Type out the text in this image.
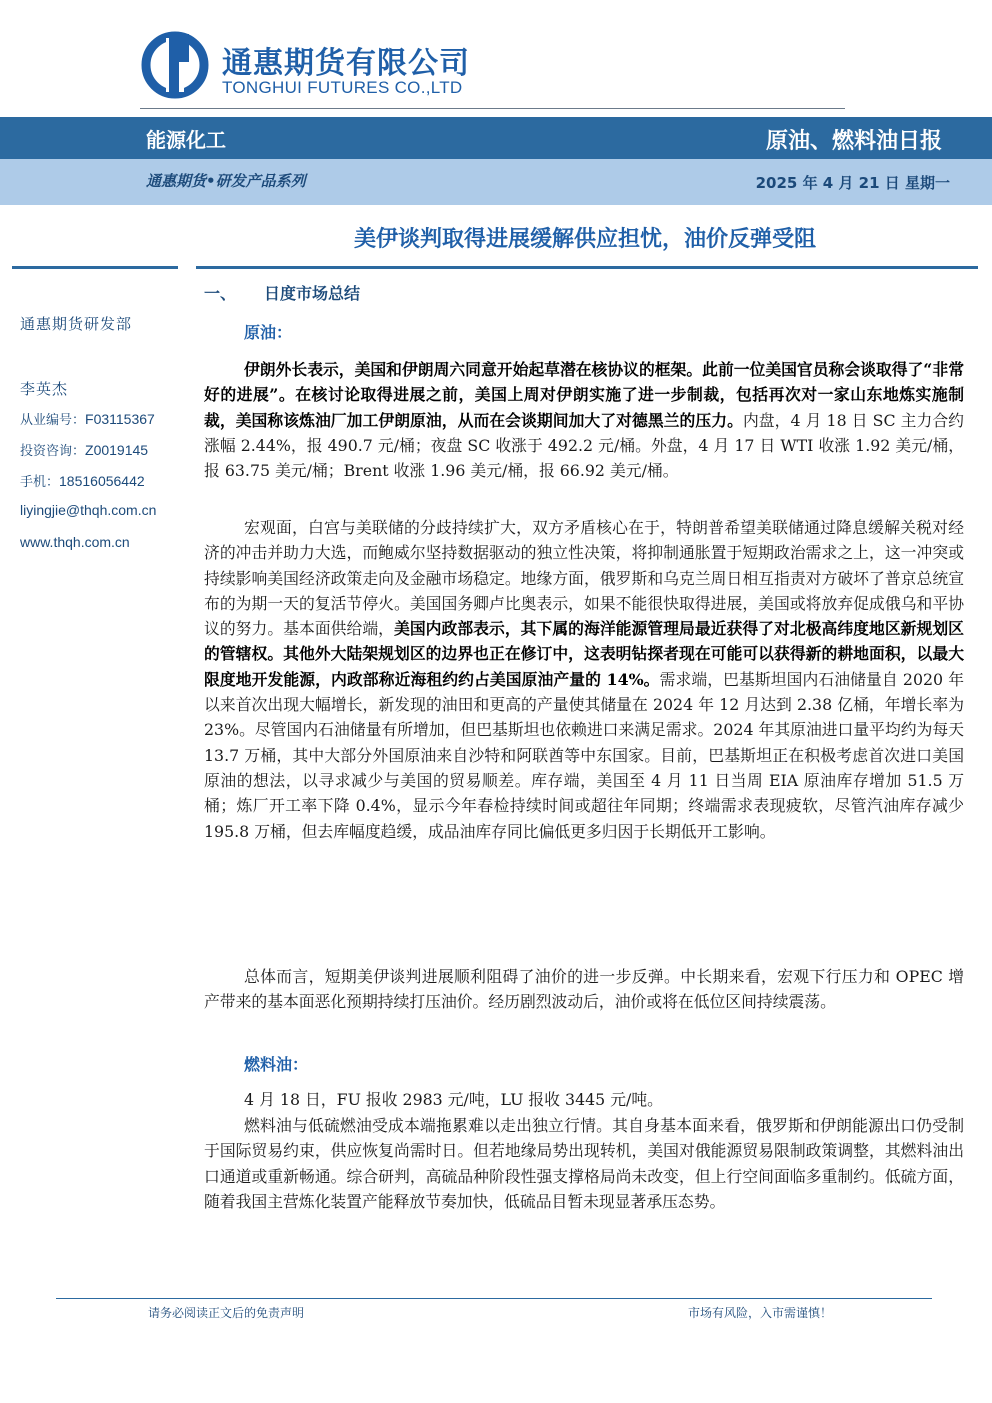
通惠期货有限公司
TONGHUI FUTURES CO.,LTD
能源化工	原油、燃料油日报
通惠期货•研发产品系列	2025 年 4 月 21 日 星期一
美伊谈判取得进展缓解供应担忧，油价反弹受阻
通惠期货研发部
李英杰
从业编号：F03115367
投资咨询：Z0019145
手机：18516056442
liyingjie@thqh.com.cn
www.thqh.com.cn
一、 日度市场总结
原油：
伊朗外长表示，美国和伊朗周六同意开始起草潜在核协议的框架。此前一位美国官员称会谈取得了“非常好的进展”。在核讨论取得进展之前，美国上周对伊朗实施了进一步制裁，包括再次对一家山东地炼实施制裁，美国称该炼油厂加工伊朗原油，从而在会谈期间加大了对德黑兰的压力。内盘，4 月 18 日 SC 主力合约涨幅 2.44%，报 490.7 元/桶；夜盘 SC 收涨于 492.2 元/桶。外盘，4 月 17 日 WTI 收涨 1.92 美元/桶，报 63.75 美元/桶；Brent 收涨 1.96 美元/桶，报 66.92 美元/桶。
宏观面，白宫与美联储的分歧持续扩大，双方矛盾核心在于，特朗普希望美联储通过降息缓解关税对经济的冲击并助力大选，而鲍威尔坚持数据驱动的独立性决策，将抑制通胀置于短期政治需求之上，这一冲突或持续影响美国经济政策走向及金融市场稳定。地缘方面，俄罗斯和乌克兰周日相互指责对方破坏了普京总统宣布的为期一天的复活节停火。美国国务卿卢比奥表示，如果不能很快取得进展，美国或将放弃促成俄乌和平协议的努力。基本面供给端，美国内政部表示，其下属的海洋能源管理局最近获得了对北极高纬度地区新规划区的管辖权。其他外大陆架规划区的边界也正在修订中，这表明钻探者现在可能可以获得新的耕地面积，以最大限度地开发能源，内政部称近海租约约占美国原油产量的 14%。需求端，巴基斯坦国内石油储量自 2020 年以来首次出现大幅增长，新发现的油田和更高的产量使其储量在 2024 年 12 月达到 2.38 亿桶，年增长率为 23%。尽管国内石油储量有所增加，但巴基斯坦也依赖进口来满足需求。2024 年其原油进口量平均约为每天 13.7 万桶，其中大部分外国原油来自沙特和阿联酋等中东国家。目前，巴基斯坦正在积极考虑首次进口美国原油的想法，以寻求减少与美国的贸易顺差。库存端，美国至 4 月 11 日当周 EIA 原油库存增加 51.5 万桶；炼厂开工率下降 0.4%，显示今年春检持续时间或超往年同期；终端需求表现疲软，尽管汽油库存减少 195.8 万桶，但去库幅度趋缓，成品油库存同比偏低更多归因于长期低开工影响。
总体而言，短期美伊谈判进展顺利阻碍了油价的进一步反弹。中长期来看，宏观下行压力和 OPEC 增产带来的基本面恶化预期持续打压油价。经历剧烈波动后，油价或将在低位区间持续震荡。
燃料油：
4 月 18 日，FU 报收 2983 元/吨，LU 报收 3445 元/吨。
燃料油与低硫燃油受成本端拖累难以走出独立行情。其自身基本面来看，俄罗斯和伊朗能源出口仍受制于国际贸易约束，供应恢复尚需时日。但若地缘局势出现转机，美国对俄能源贸易限制政策调整，其燃料油出口通道或重新畅通。综合研判，高硫品种阶段性强支撑格局尚未改变，但上行空间面临多重制约。低硫方面，随着我国主营炼化装置产能释放节奏加快，低硫品目暂未现显著承压态势。
请务必阅读正文后的免责声明	市场有风险，入市需谨慎！
